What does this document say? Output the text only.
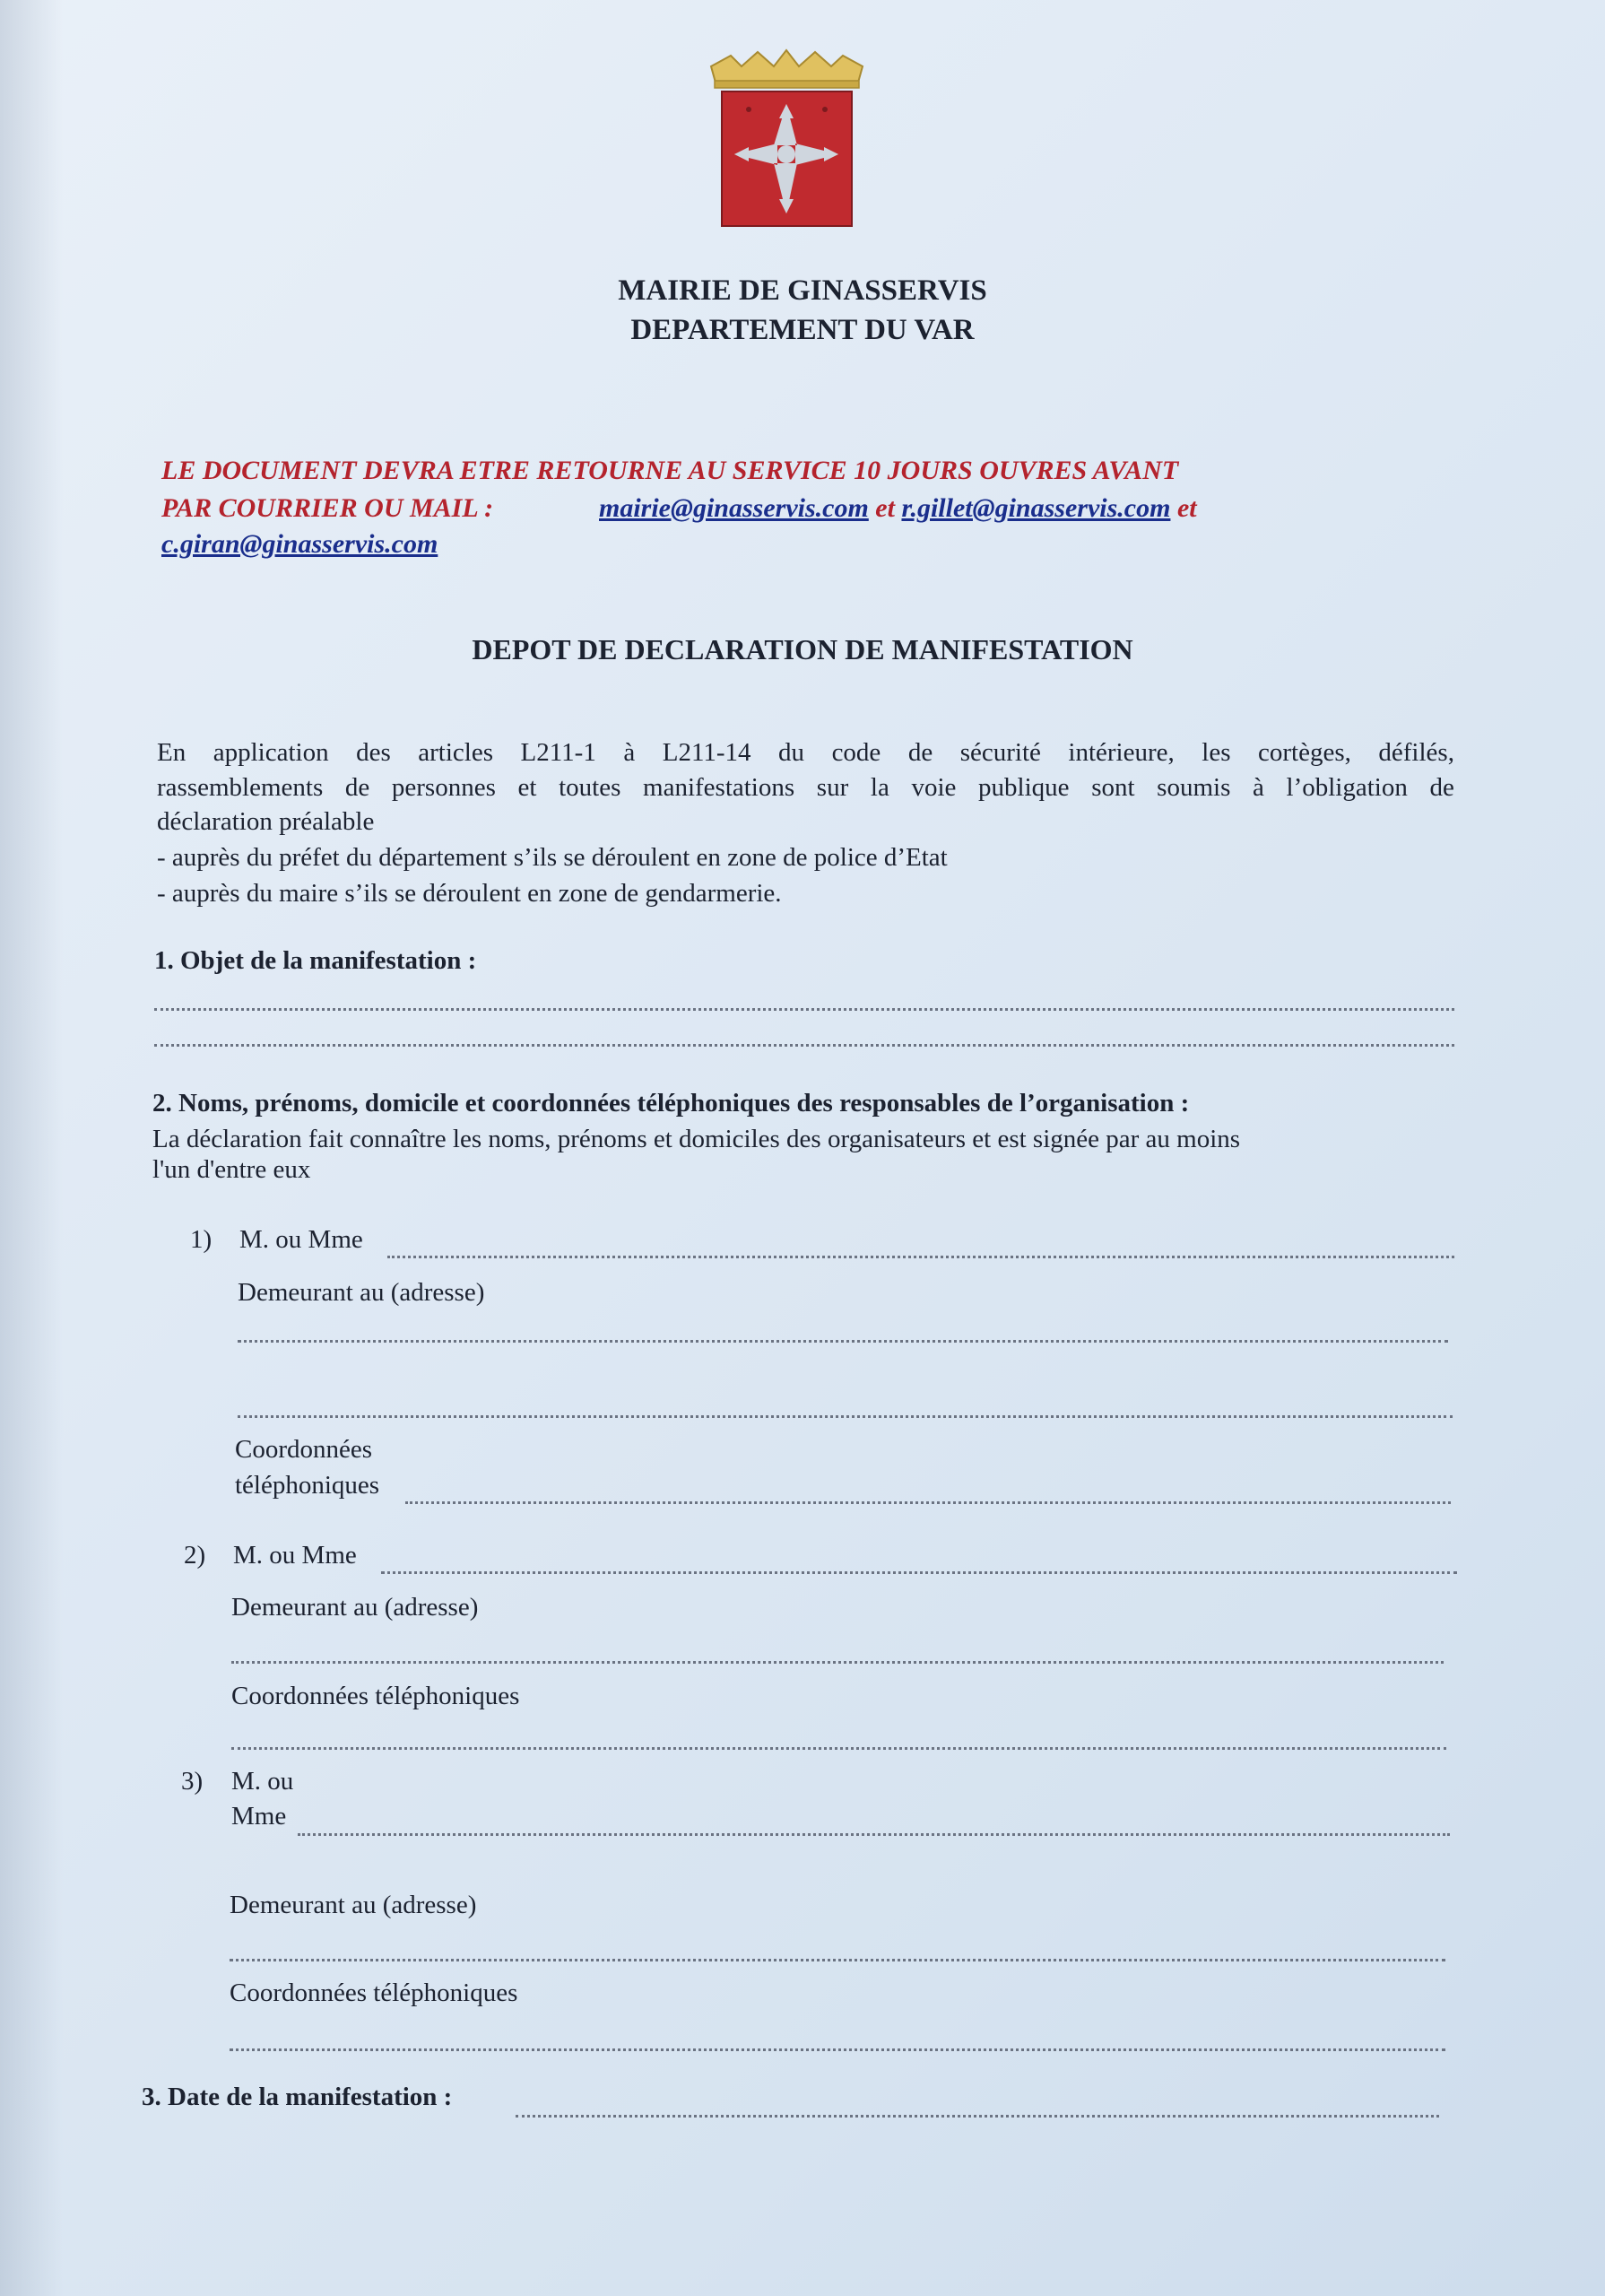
MAIRIE DE GINASSERVIS
DEPARTEMENT DU VAR
LE DOCUMENT DEVRA ETRE RETOURNE AU SERVICE 10 JOURS OUVRES AVANT
PAR COURRIER OU MAIL :	mairie@ginasservis.com et r.gillet@ginasservis.com et
c.giran@ginasservis.com
DEPOT DE DECLARATION DE MANIFESTATION
En application des articles L211-1 à L211-14 du code de sécurité intérieure, les cortèges, défilés,
rassemblements de personnes et toutes manifestations sur la voie publique sont soumis à l’obligation de
déclaration préalable
- auprès du préfet du département s’ils se déroulent en zone de police d’Etat
- auprès du maire s’ils se déroulent en zone de gendarmerie.
1. Objet de la manifestation :
2. Noms, prénoms, domicile et coordonnées téléphoniques des responsables de l’organisation :
La déclaration fait connaître les noms, prénoms et domiciles des organisateurs et est signée par au moins
l'un d'entre eux
1) M. ou Mme
Demeurant au (adresse)
Coordonnées
téléphoniques
2) M. ou Mme
Demeurant au (adresse)
Coordonnées téléphoniques
3) M. ou
Mme
Demeurant au (adresse)
Coordonnées téléphoniques
3. Date de la manifestation :
